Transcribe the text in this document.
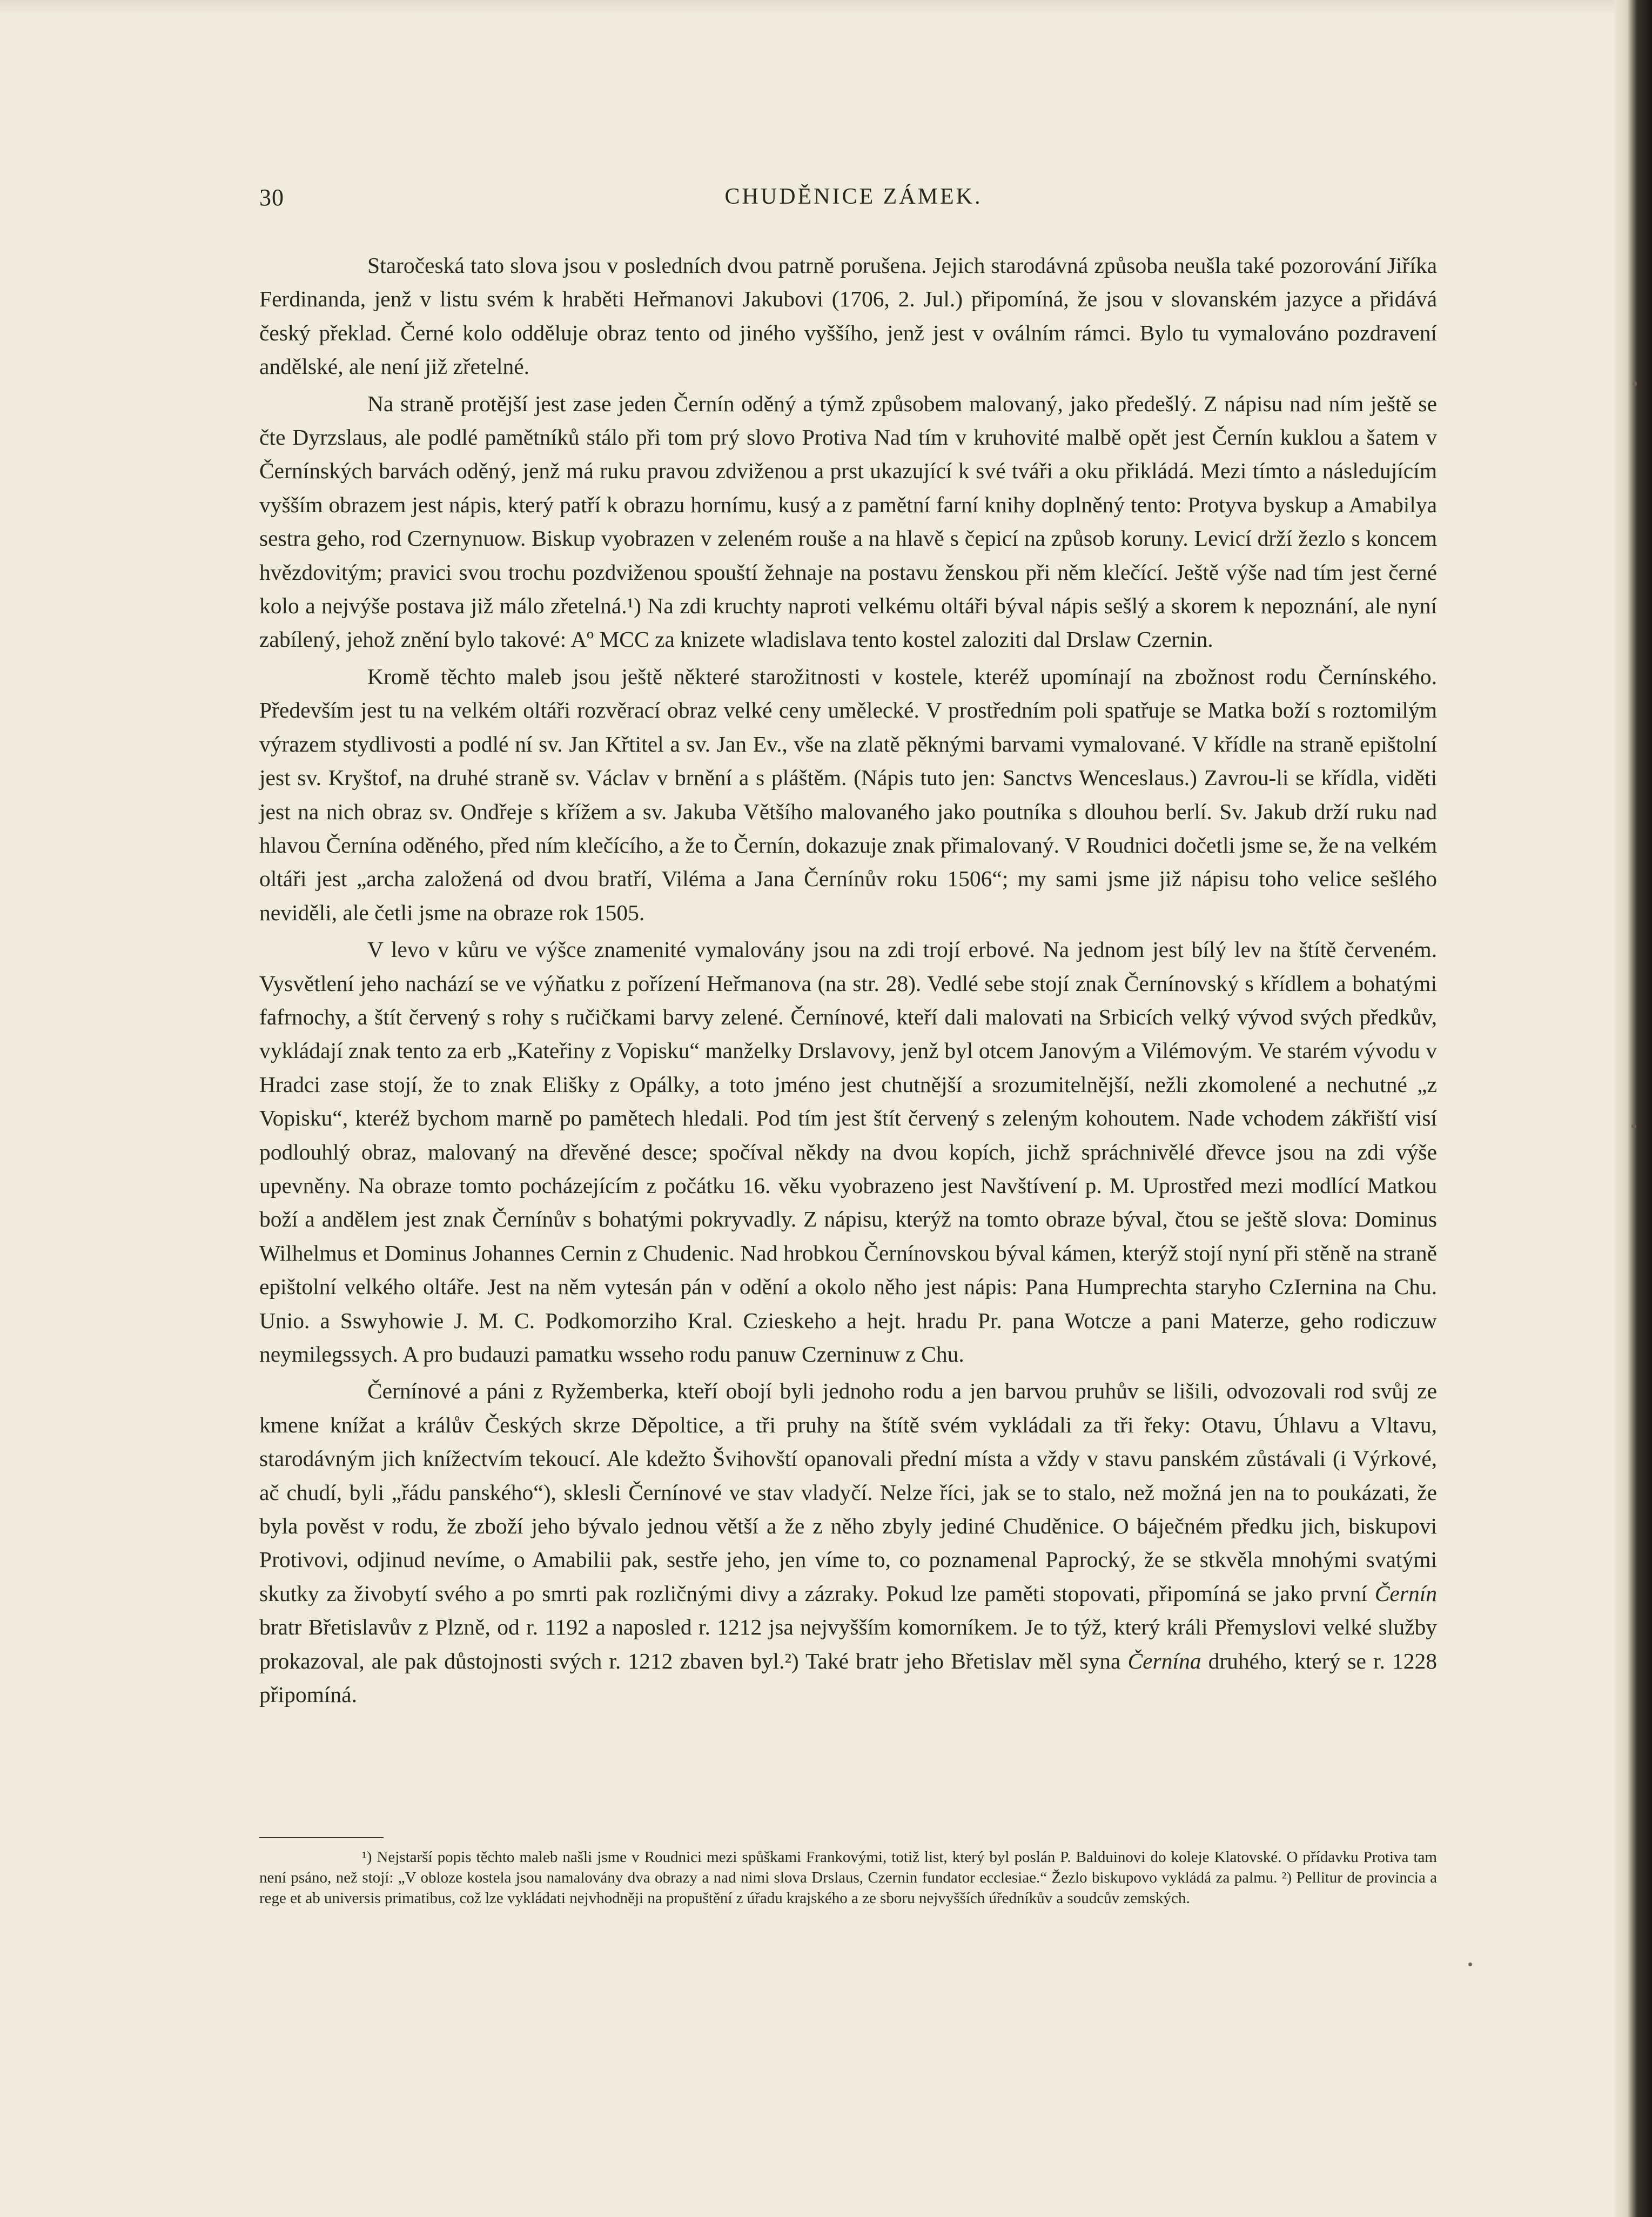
30	CHUDĚNICE ZÁMEK.

Staročeská tato slova jsou v posledních dvou patrně porušena. Jejich starodávná způsoba neušla také pozorování Jiříka Ferdinanda, jenž v listu svém k hraběti Heřmanovi Jakubovi (1706, 2. Jul.) připomíná, že jsou v slovanském jazyce a přidává český překlad. Černé kolo odděluje obraz tento od jiného vyššího, jenž jest v oválním rámci. Bylo tu vymalováno pozdravení andělské, ale není již zřetelné.

Na straně protější jest zase jeden Černín oděný a týmž způsobem malovaný, jako předešlý. Z nápisu nad ním ještě se čte Dyrzslaus, ale podlé pamětníků stálo při tom prý slovo Protiva Nad tím v kruhovité malbě opět jest Černín kuklou a šatem v Černínských barvách oděný, jenž má ruku pravou zdviženou a prst ukazující k své tváři a oku přikládá. Mezi tímto a následujícím vyšším obrazem jest nápis, který patří k obrazu hornímu, kusý a z pamětní farní knihy doplněný tento: Protyva byskup a Amabilya sestra geho, rod Czernynuow. Biskup vyobrazen v zeleném rouše a na hlavě s čepicí na způsob koruny. Levicí drží žezlo s koncem hvězdovitým; pravici svou trochu pozdviženou spouští žehnaje na postavu ženskou při něm klečící. Ještě výše nad tím jest černé kolo a nejvýše postava již málo zřetelná.¹) Na zdi kruchty naproti velkému oltáři býval nápis sešlý a skorem k nepoznání, ale nyní zabílený, jehož znění bylo takové: Aº MCC za knizete wladislava tento kostel zaloziti dal Drslaw Czernin.

Kromě těchto maleb jsou ještě některé starožitnosti v kostele, kteréž upomínají na zbožnost rodu Černínského. Především jest tu na velkém oltáři rozvěrací obraz velké ceny umělecké. V prostředním poli spatřuje se Matka boží s roztomilým výrazem stydlivosti a podlé ní sv. Jan Křtitel a sv. Jan Ev., vše na zlatě pěknými barvami vymalované. V křídle na straně epištolní jest sv. Kryštof, na druhé straně sv. Václav v brnění a s pláštěm. (Nápis tuto jen: Sanctvs Wenceslaus.) Zavrou-li se křídla, viděti jest na nich obraz sv. Ondřeje s křížem a sv. Jakuba Většího malovaného jako poutníka s dlouhou berlí. Sv. Jakub drží ruku nad hlavou Černína oděného, před ním klečícího, a že to Černín, dokazuje znak přimalovaný. V Roudnici dočetli jsme se, že na velkém oltáři jest „archa založená od dvou bratří, Viléma a Jana Černínův roku 1506“; my sami jsme již nápisu toho velice sešlého neviděli, ale četli jsme na obraze rok 1505.

V levo v kůru ve výšce znamenité vymalovány jsou na zdi trojí erbové. Na jednom jest bílý lev na štítě červeném. Vysvětlení jeho nachází se ve výňatku z pořízení Heřmanova (na str. 28). Vedlé sebe stojí znak Černínovský s křídlem a bohatými fafrnochy, a štít červený s rohy s ručičkami barvy zelené. Černínové, kteří dali malovati na Srbicích velký vývod svých předkův, vykládají znak tento za erb „Kateřiny z Vopisku“ manželky Drslavovy, jenž byl otcem Janovým a Vilémovým. Ve starém vývodu v Hradci zase stojí, že to znak Elišky z Opálky, a toto jméno jest chutnější a srozumitelnější, nežli zkomolené a nechutné „z Vopisku“, kteréž bychom marně po pamětech hledali. Pod tím jest štít červený s zeleným kohoutem. Nade vchodem zákřiští visí podlouhlý obraz, malovaný na dřevěné desce; spočíval někdy na dvou kopích, jichž spráchnivělé dřevce jsou na zdi výše upevněny. Na obraze tomto pocházejícím z počátku 16. věku vyobrazeno jest Navštívení p. M. Uprostřed mezi modlící Matkou boží a andělem jest znak Černínův s bohatými pokryvadly. Z nápisu, kterýž na tomto obraze býval, čtou se ještě slova: Dominus Wilhelmus et Dominus Johannes Cernin z Chudenic. Nad hrobkou Černínovskou býval kámen, kterýž stojí nyní při stěně na straně epištolní velkého oltáře. Jest na něm vytesán pán v odění a okolo něho jest nápis: Pana Humprechta staryho CzIernina na Chu. Unio. a Sswyhowie J. M. C. Podkomorziho Kral. Czieskeho a hejt. hradu Pr. pana Wotcze a pani Materze, geho rodiczuw neymilegssych. A pro budauzi pamatku wsseho rodu panuw Czerninuw z Chu.

Černínové a páni z Ryžemberka, kteří obojí byli jednoho rodu a jen barvou pruhův se lišili, odvozovali rod svůj ze kmene knížat a králův Českých skrze Děpoltice, a tři pruhy na štítě svém vykládali za tři řeky: Otavu, Úhlavu a Vltavu, starodávným jich knížectvím tekoucí. Ale kdežto Švihovští opanovali přední místa a vždy v stavu panském zůstávali (i Výrkové, ač chudí, byli „řádu panského“), sklesli Černínové ve stav vladyčí. Nelze říci, jak se to stalo, než možná jen na to poukázati, že byla pověst v rodu, že zboží jeho bývalo jednou větší a že z něho zbyly jediné Chuděnice. O báječném předku jich, biskupovi Protivovi, odjinud nevíme, o Amabilii pak, sestře jeho, jen víme to, co poznamenal Paprocký, že se stkvěla mnohými svatými skutky za živobytí svého a po smrti pak rozličnými divy a zázraky. Pokud lze paměti stopovati, připomíná se jako první Černín bratr Břetislavův z Plzně, od r. 1192 a naposled r. 1212 jsa nejvyšším komorníkem. Je to týž, který králi Přemyslovi velké služby prokazoval, ale pak důstojnosti svých r. 1212 zbaven byl.²) Také bratr jeho Břetislav měl syna Černína druhého, který se r. 1228 připomíná.

¹) Nejstarší popis těchto maleb našli jsme v Roudnici mezi spůškami Frankovými, totiž list, který byl poslán P. Balduinovi do koleje Klatovské. O přídavku Protiva tam není psáno, než stojí: „V obloze kostela jsou namalovány dva obrazy a nad nimi slova Drslaus, Czernin fundator ecclesiae.“ Žezlo biskupovo vykládá za palmu. ²) Pellitur de provincia a rege et ab universis primatibus, což lze vykládati nejvhodněji na propuštění z úřadu krajského a ze sboru nejvyšších úředníkův a soudcův zemských.
